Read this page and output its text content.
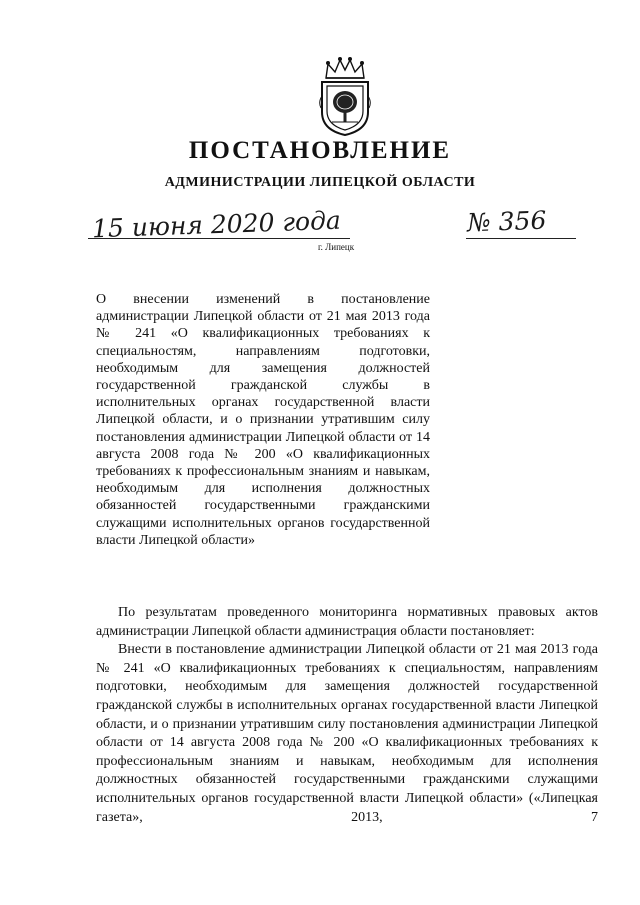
ПОСТАНОВЛЕНИЕ
АДМИНИСТРАЦИИ ЛИПЕЦКОЙ ОБЛАСТИ
15 июня 2020 года	№ 356
г. Липецк

О внесении изменений в постановление администрации Липецкой области от 21 мая 2013 года № 241 «О квалификационных требованиях к специальностям, направлениям подготовки, необходимым для замещения должностей государственной гражданской службы в исполнительных органах государственной власти Липецкой области, и о признании утратившим силу постановления администрации Липецкой области от 14 августа 2008 года № 200 «О квалификационных требованиях к профессиональным знаниям и навыкам, необходимым для исполнения должностных обязанностей государственными гражданскими служащими исполнительных органов государственной власти Липецкой области»

По результатам проведенного мониторинга нормативных правовых актов администрации Липецкой области администрация области постановляет:

Внести в постановление администрации Липецкой области от 21 мая 2013 года № 241 «О квалификационных требованиях к специальностям, направлениям подготовки, необходимым для замещения должностей государственной гражданской службы в исполнительных органах государственной власти Липецкой области, и о признании утратившим силу постановления администрации Липецкой области от 14 августа 2008 года № 200 «О квалификационных требованиях к профессиональным знаниям и навыкам, необходимым для исполнения должностных обязанностей государственными гражданскими служащими исполнительных органов государственной власти Липецкой области» («Липецкая газета», 2013, 7
